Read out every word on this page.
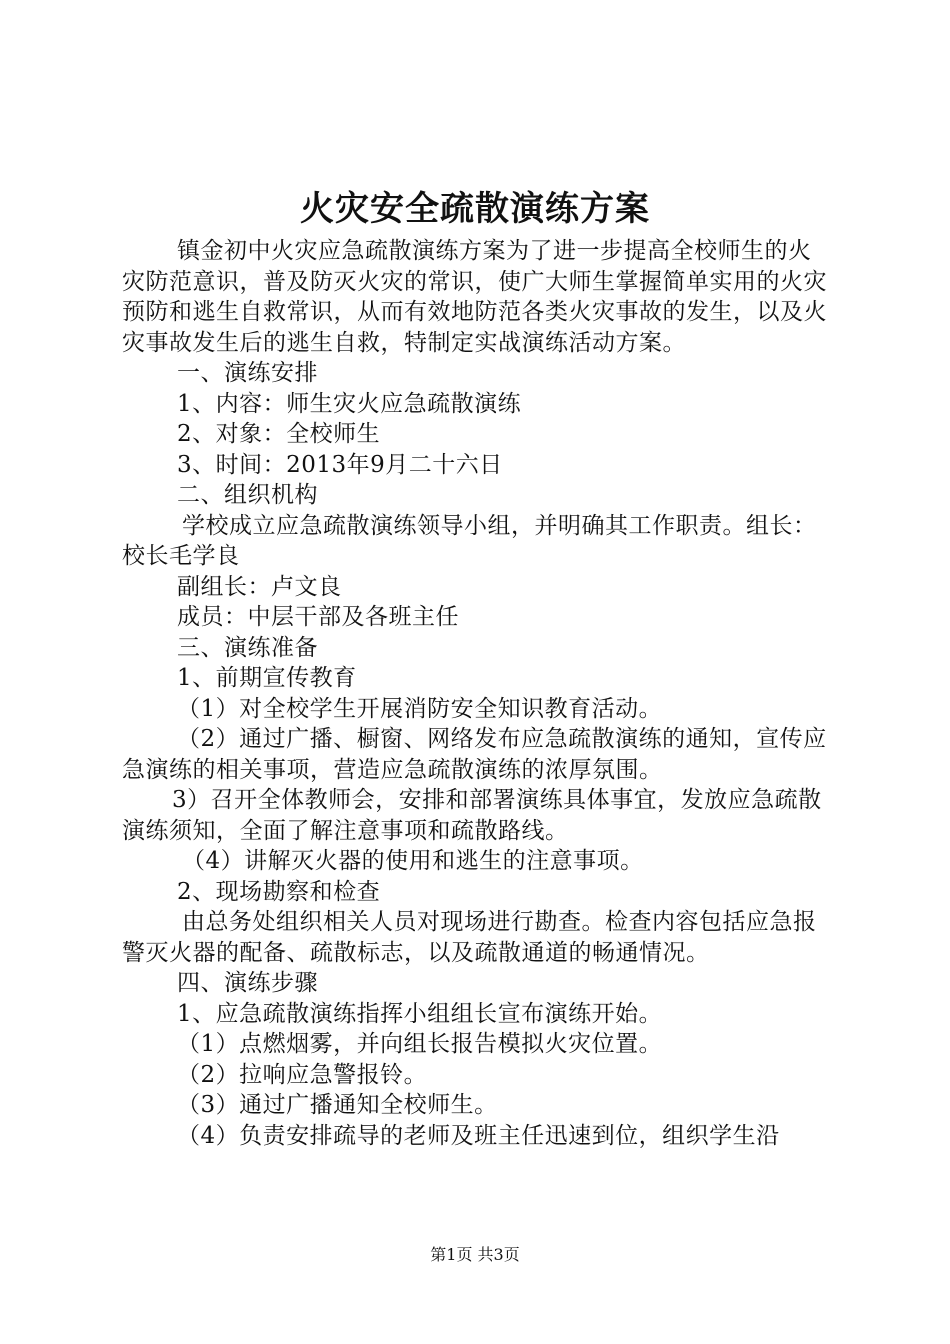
火灾安全疏散演练方案

镇金初中火灾应急疏散演练方案为了进一步提高全校师生的火灾防范意识，普及防灭火灾的常识，使广大师生掌握简单实用的火灾预防和逃生自救常识，从而有效地防范各类火灾事故的发生，以及火灾事故发生后的逃生自救，特制定实战演练活动方案。

一、演练安排

1、内容：师生灾火应急疏散演练

2、对象：全校师生

3、时间：2013年9月二十六日

二、组织机构

学校成立应急疏散演练领导小组，并明确其工作职责。组长：校长毛学良

副组长：卢文良

成员：中层干部及各班主任

三、演练准备

1、前期宣传教育

（1）对全校学生开展消防安全知识教育活动。

（2）通过广播、橱窗、网络发布应急疏散演练的通知，宣传应急演练的相关事项，营造应急疏散演练的浓厚氛围。

3）召开全体教师会，安排和部署演练具体事宜，发放应急疏散演练须知，全面了解注意事项和疏散路线。

（4）讲解灭火器的使用和逃生的注意事项。

2、现场勘察和检查

由总务处组织相关人员对现场进行勘查。检查内容包括应急报警灭火器的配备、疏散标志，以及疏散通道的畅通情况。

四、演练步骤

1、应急疏散演练指挥小组组长宣布演练开始。

（1）点燃烟雾，并向组长报告模拟火灾位置。

（2）拉响应急警报铃。

（3）通过广播通知全校师生。

（4）负责安排疏导的老师及班主任迅速到位，组织学生沿

第1页 共3页
